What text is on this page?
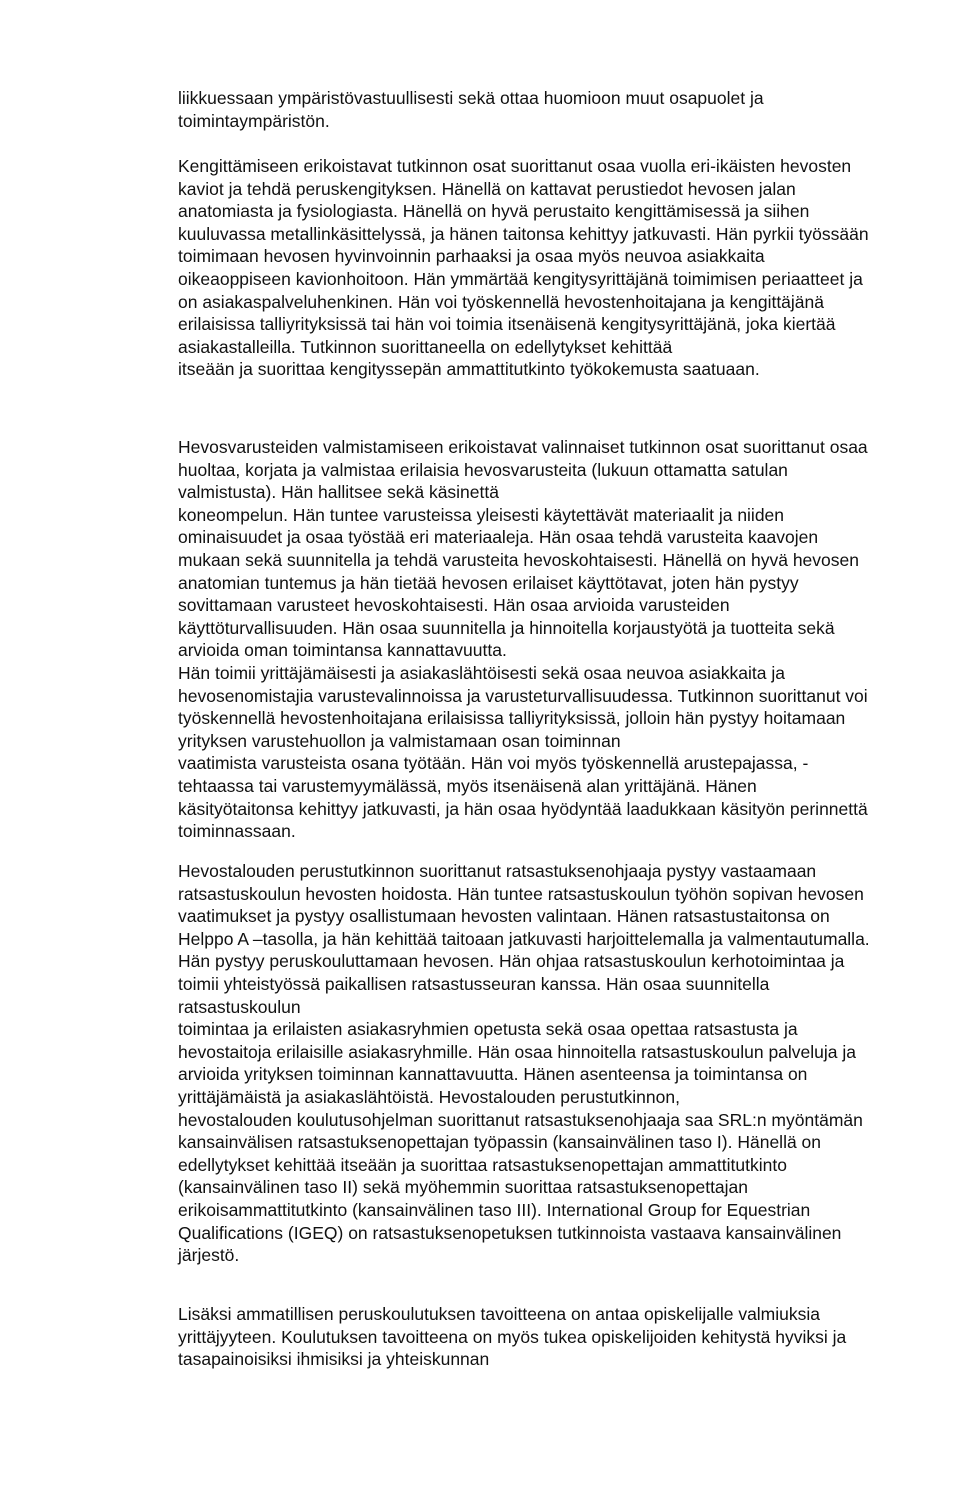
liikkuessaan ympäristövastuullisesti sekä ottaa huomioon muut osapuolet ja
toimintaympäristön.

Kengittämiseen erikoistavat tutkinnon osat suorittanut osaa vuolla eri-ikäisten hevosten
kaviot ja tehdä peruskengityksen. Hänellä on kattavat perustiedot hevosen jalan
anatomiasta ja fysiologiasta. Hänellä on hyvä perustaito kengittämisessä ja siihen
kuuluvassa metallinkäsittelyssä, ja hänen taitonsa kehittyy jatkuvasti. Hän pyrkii työssään
toimimaan hevosen hyvinvoinnin parhaaksi ja osaa myös neuvoa asiakkaita
oikeaoppiseen kavionhoitoon. Hän ymmärtää kengitysyrittäjänä toimimisen periaatteet ja
on asiakaspalveluhenkinen. Hän voi työskennellä hevostenhoitajana ja kengittäjänä
erilaisissa talliyrityksissä tai hän voi toimia itsenäisenä kengitysyrittäjänä, joka kiertää
asiakastalleilla. Tutkinnon suorittaneella on edellytykset kehittää
itseään ja suorittaa kengityssepän ammattitutkinto työkokemusta saatuaan.

Hevosvarusteiden valmistamiseen erikoistavat valinnaiset tutkinnon osat suorittanut osaa
huoltaa, korjata ja valmistaa erilaisia hevosvarusteita (lukuun ottamatta satulan
valmistusta). Hän hallitsee sekä käsinettä
koneompelun. Hän tuntee varusteissa yleisesti käytettävät materiaalit ja niiden
ominaisuudet ja osaa työstää eri materiaaleja. Hän osaa tehdä varusteita kaavojen
mukaan sekä suunnitella ja tehdä varusteita hevoskohtaisesti. Hänellä on hyvä hevosen
anatomian tuntemus ja hän tietää hevosen erilaiset käyttötavat, joten hän pystyy
sovittamaan varusteet hevoskohtaisesti. Hän osaa arvioida varusteiden
käyttöturvallisuuden. Hän osaa suunnitella ja hinnoitella korjaustyötä ja tuotteita sekä
arvioida oman toimintansa kannattavuutta.
Hän toimii yrittäjämäisesti ja asiakaslähtöisesti sekä osaa neuvoa asiakkaita ja
hevosenomistajia varustevalinnoissa ja varusteturvallisuudessa. Tutkinnon suorittanut voi
työskennellä hevostenhoitajana erilaisissa talliyrityksissä, jolloin hän pystyy hoitamaan
yrityksen varustehuollon ja valmistamaan osan toiminnan
vaatimista varusteista osana työtään. Hän voi myös työskennellä arustepajassa, -
tehtaassa tai varustemyymälässä, myös itsenäisenä alan yrittäjänä. Hänen
käsityötaitonsa kehittyy jatkuvasti, ja hän osaa hyödyntää laadukkaan käsityön perinnettä
toiminnassaan.

Hevostalouden perustutkinnon suorittanut ratsastuksenohjaaja pystyy vastaamaan
ratsastuskoulun hevosten hoidosta. Hän tuntee ratsastuskoulun työhön sopivan hevosen
vaatimukset ja pystyy osallistumaan hevosten valintaan. Hänen ratsastustaitonsa on
Helppo A –tasolla, ja hän kehittää taitoaan jatkuvasti harjoittelemalla ja valmentautumalla.
Hän pystyy peruskouluttamaan hevosen. Hän ohjaa ratsastuskoulun kerhotoimintaa ja
toimii yhteistyössä paikallisen ratsastusseuran kanssa. Hän osaa suunnitella
ratsastuskoulun
toimintaa ja erilaisten asiakasryhmien opetusta sekä osaa opettaa ratsastusta ja
hevostaitoja erilaisille asiakasryhmille. Hän osaa hinnoitella ratsastuskoulun palveluja ja
arvioida yrityksen toiminnan kannattavuutta. Hänen asenteensa ja toimintansa on
yrittäjämäistä ja asiakaslähtöistä. Hevostalouden perustutkinnon,
hevostalouden koulutusohjelman suorittanut ratsastuksenohjaaja saa SRL:n myöntämän
kansainvälisen ratsastuksenopettajan työpassin (kansainvälinen taso I). Hänellä on
edellytykset kehittää itseään ja suorittaa ratsastuksenopettajan ammattitutkinto
(kansainvälinen taso II) sekä myöhemmin suorittaa ratsastuksenopettajan
erikoisammattitutkinto (kansainvälinen taso III). International Group for Equestrian
Qualifications (IGEQ) on ratsastuksenopetuksen tutkinnoista vastaava kansainvälinen
järjestö.

Lisäksi ammatillisen peruskoulutuksen tavoitteena on antaa opiskelijalle valmiuksia
yrittäjyyteen. Koulutuksen tavoitteena on myös tukea opiskelijoiden kehitystä hyviksi ja
tasapainoisiksi ihmisiksi ja yhteiskunnan
